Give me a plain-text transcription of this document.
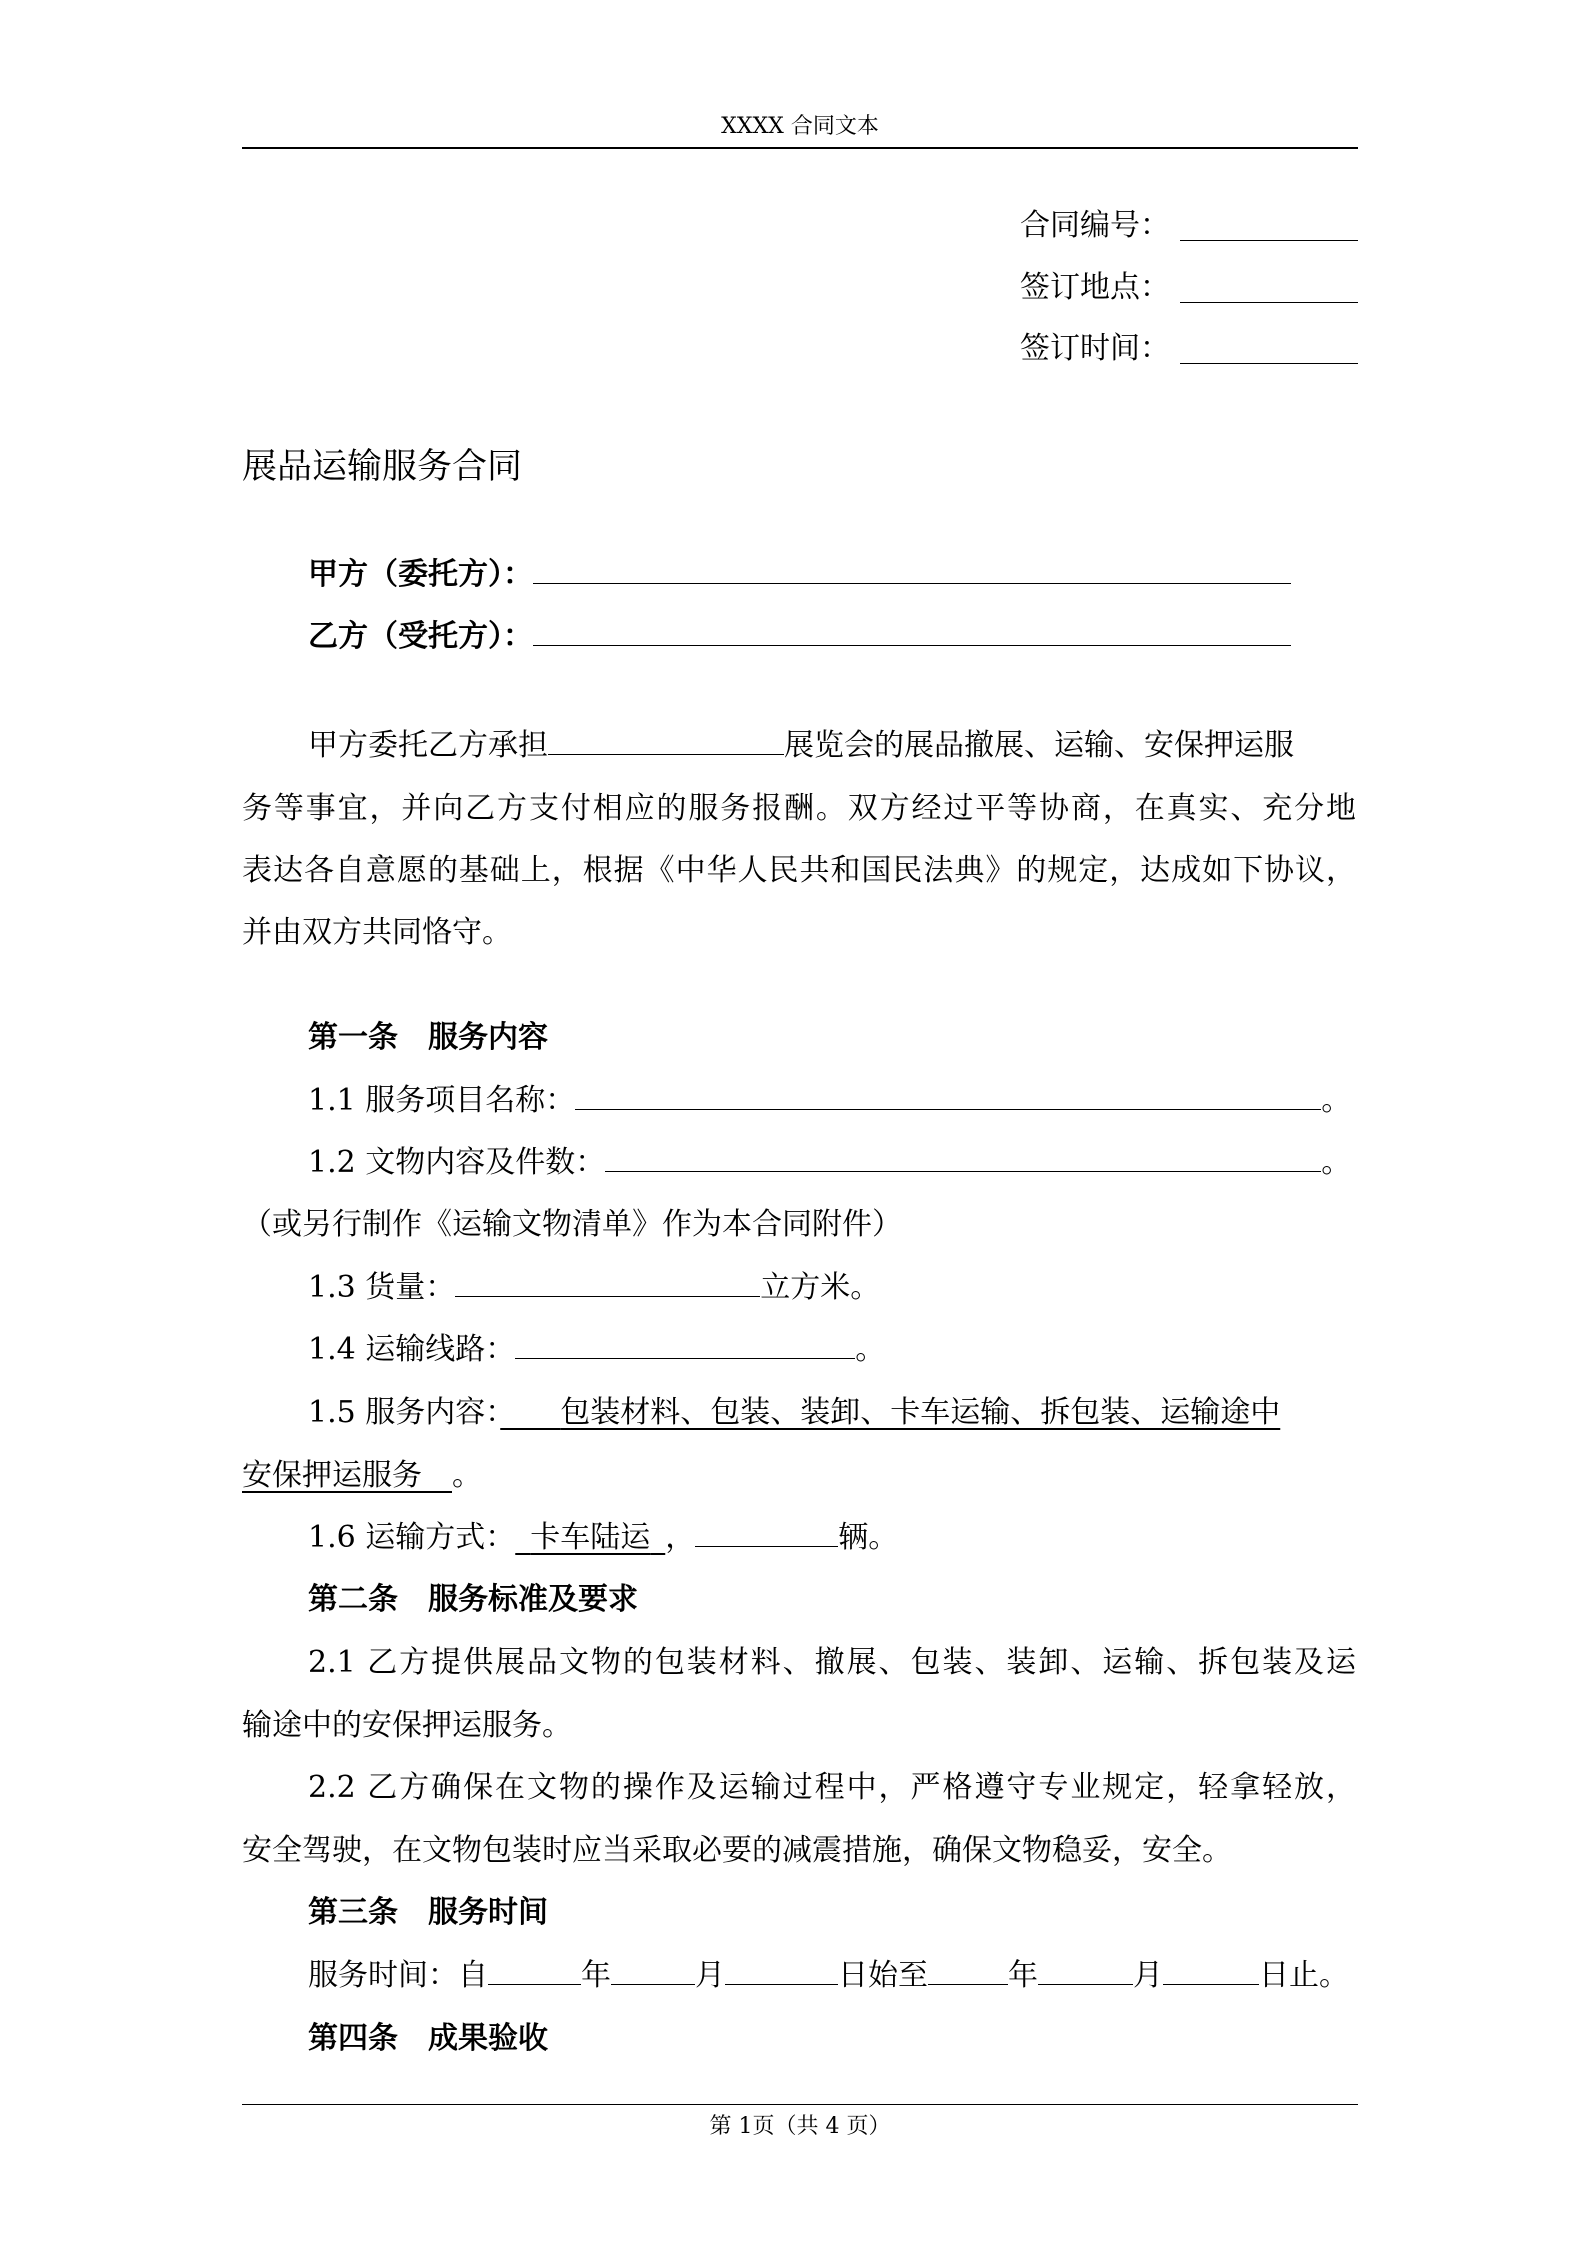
XXXX 合同文本
合同编号：
签订地点：
签订时间：
展品运输服务合同
甲方（委托方）：
乙方（受托方）：
甲方委托乙方承担	展览会的展品撤展、运输、安保押运服
务等事宜，并向乙方支付相应的服务报酬。双方经过平等协商，在真实、充分地
表达各自意愿的基础上，根据《中华人民共和国民法典》的规定，达成如下协议，
并由双方共同恪守。
第一条　服务内容
1.1 服务项目名称：	。
1.2 文物内容及件数：	。
（或另行制作《运输文物清单》作为本合同附件）
1.3 货量：	立方米。
1.4 运输线路：	。
1.5 服务内容：　　 包装材料、包装、装卸、卡车运输、拆包装、运输途中
安保押运服务　 。
1.6 运输方式：  卡车陆运  ，	辆。
第二条　服务标准及要求
2.1 乙方提供展品文物的包装材料、撤展、包装、装卸、运输、拆包装及运
输途中的安保押运服务。
2.2 乙方确保在文物的操作及运输过程中，严格遵守专业规定，轻拿轻放，
安全驾驶，在文物包装时应当采取必要的减震措施，确保文物稳妥，安全。
第三条　服务时间
服务时间：自	年	月	日始至	年	月	日止。
第四条　成果验收
第 1页（共 4 页）
